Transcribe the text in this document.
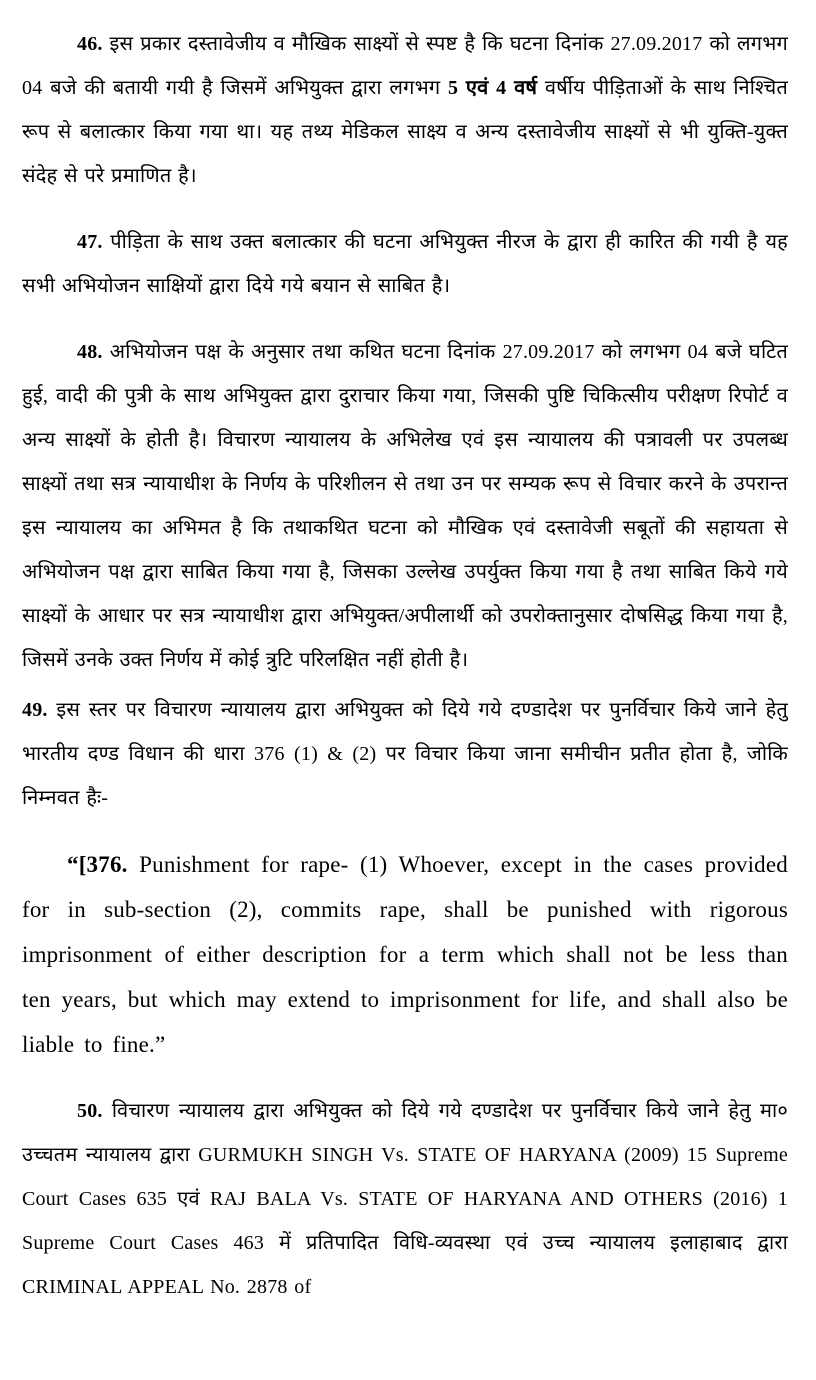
46. इस प्रकार दस्तावेजीय व मौखिक साक्ष्यों से स्पष्ट है कि घटना दिनांक 27.09.2017 को लगभग 04 बजे की बतायी गयी है जिसमें अभियुक्त द्वारा लगभग 5 एवं 4 वर्ष वर्षीय पीड़िताओं के साथ निश्चित रूप से बलात्कार किया गया था। यह तथ्य मेडिकल साक्ष्य व अन्य दस्तावेजीय साक्ष्यों से भी युक्ति-युक्त संदेह से परे प्रमाणित है।

47. पीड़िता के साथ उक्त बलात्कार की घटना अभियुक्त नीरज के द्वारा ही कारित की गयी है यह सभी अभियोजन साक्षियों द्वारा दिये गये बयान से साबित है।

48. अभियोजन पक्ष के अनुसार तथा कथित घटना दिनांक 27.09.2017 को लगभग 04 बजे घटित हुई, वादी की पुत्री के साथ अभियुक्त द्वारा दुराचार किया गया, जिसकी पुष्टि चिकित्सीय परीक्षण रिपोर्ट व अन्य साक्ष्यों के होती है। विचारण न्यायालय के अभिलेख एवं इस न्यायालय की पत्रावली पर उपलब्ध साक्ष्यों तथा सत्र न्यायाधीश के निर्णय के परिशीलन से तथा उन पर सम्यक रूप से विचार करने के उपरान्त इस न्यायालय का अभिमत है कि तथाकथित घटना को मौखिक एवं दस्तावेजी सबूतों की सहायता से अभियोजन पक्ष द्वारा साबित किया गया है, जिसका उल्लेख उपर्युक्त किया गया है तथा साबित किये गये साक्ष्यों के आधार पर सत्र न्यायाधीश द्वारा अभियुक्त/अपीलार्थी को उपरोक्तानुसार दोषसिद्ध किया गया है, जिसमें उनके उक्त निर्णय में कोई त्रुटि परिलक्षित नहीं होती है।

49. इस स्तर पर विचारण न्यायालय द्वारा अभियुक्त को दिये गये दण्डादेश पर पुनर्विचार किये जाने हेतु भारतीय दण्ड विधान की धारा 376 (1) & (2) पर विचार किया जाना समीचीन प्रतीत होता है, जोकि निम्नवत हैः-

“[376. Punishment for rape- (1) Whoever, except in the cases provided for in sub-section (2), commits rape, shall be punished with rigorous imprisonment of either description for a term which shall not be less than ten years, but which may extend to imprisonment for life, and shall also be liable to fine.”

50. विचारण न्यायालय द्वारा अभियुक्त को दिये गये दण्डादेश पर पुनर्विचार किये जाने हेतु मा० उच्चतम न्यायालय द्वारा GURMUKH SINGH Vs. STATE OF HARYANA (2009) 15 Supreme Court Cases 635 एवं RAJ BALA Vs. STATE OF HARYANA AND OTHERS (2016) 1 Supreme Court Cases 463 में प्रतिपादित विधि-व्यवस्था एवं उच्च न्यायालय इलाहाबाद द्वारा CRIMINAL APPEAL No. 2878 of
